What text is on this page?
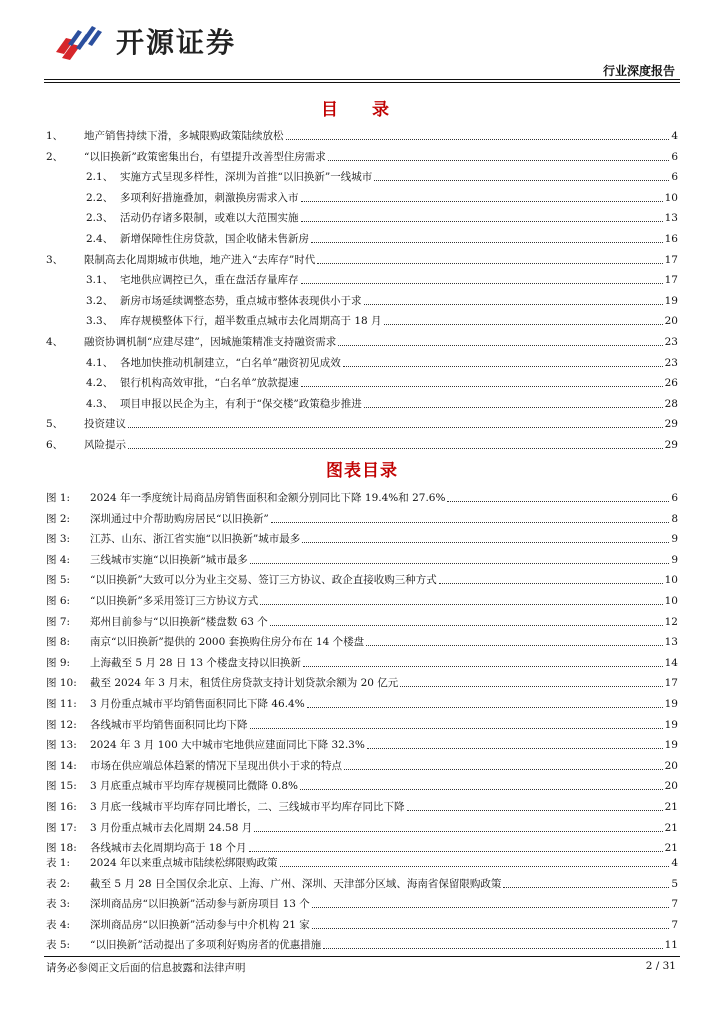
开源证券
行业深度报告
目 录
1、	地产销售持续下滑，多城限购政策陆续放松	4
2、	“以旧换新”政策密集出台，有望提升改善型住房需求	6
2.1、 实施方式呈现多样性，深圳为首推“以旧换新”一线城市	6
2.2、 多项利好措施叠加，刺激换房需求入市	10
2.3、 活动仍存诸多限制，或难以大范围实施	13
2.4、 新增保障性住房贷款，国企收储未售新房	16
3、	限制高去化周期城市供地，地产进入“去库存”时代	17
3.1、 宅地供应调控已久，重在盘活存量库存	17
3.2、 新房市场延续调整态势，重点城市整体表现供小于求	19
3.3、 库存规模整体下行，超半数重点城市去化周期高于 18 月	20
4、	融资协调机制“应建尽建”，因城施策精准支持融资需求	23
4.1、 各地加快推动机制建立，“白名单”融资初见成效	23
4.2、 银行机构高效审批，“白名单”放款提速	26
4.3、 项目申报以民企为主，有利于“保交楼”政策稳步推进	28
5、	投资建议	29
6、	风险提示	29
图表目录
图 1:	2024 年一季度统计局商品房销售面积和金额分别同比下降 19.4%和 27.6%	6
图 2:	深圳通过中介帮助购房居民“以旧换新”	8
图 3:	江苏、山东、浙江省实施“以旧换新”城市最多	9
图 4:	三线城市实施“以旧换新”城市最多	9
图 5:	“以旧换新”大致可以分为业主交易、签订三方协议、政企直接收购三种方式	10
图 6:	“以旧换新”多采用签订三方协议方式	10
图 7:	郑州目前参与“以旧换新”楼盘数 63 个	12
图 8:	南京“以旧换新”提供的 2000 套换购住房分布在 14 个楼盘	13
图 9:	上海截至 5 月 28 日 13 个楼盘支持以旧换新	14
图 10:	截至 2024 年 3 月末，租赁住房贷款支持计划贷款余额为 20 亿元	17
图 11:	3 月份重点城市平均销售面积同比下降 46.4%	19
图 12:	各线城市平均销售面积同比均下降	19
图 13:	2024 年 3 月 100 大中城市宅地供应建面同比下降 32.3%	19
图 14:	市场在供应端总体趋紧的情况下呈现出供小于求的特点	20
图 15:	3 月底重点城市平均库存规模同比微降 0.8%	20
图 16:	3 月底一线城市平均库存同比增长，二、三线城市平均库存同比下降	21
图 17:	3 月份重点城市去化周期 24.58 月	21
图 18:	各线城市去化周期均高于 18 个月	21
表 1:	2024 年以来重点城市陆续松绑限购政策	4
表 2:	截至 5 月 28 日全国仅余北京、上海、广州、深圳、天津部分区域、海南省保留限购政策	5
表 3:	深圳商品房“以旧换新”活动参与新房项目 13 个	7
表 4:	深圳商品房“以旧换新”活动参与中介机构 21 家	7
表 5:	“以旧换新”活动提出了多项利好购房者的优惠措施	11
请务必参阅正文后面的信息披露和法律声明	2 / 31
